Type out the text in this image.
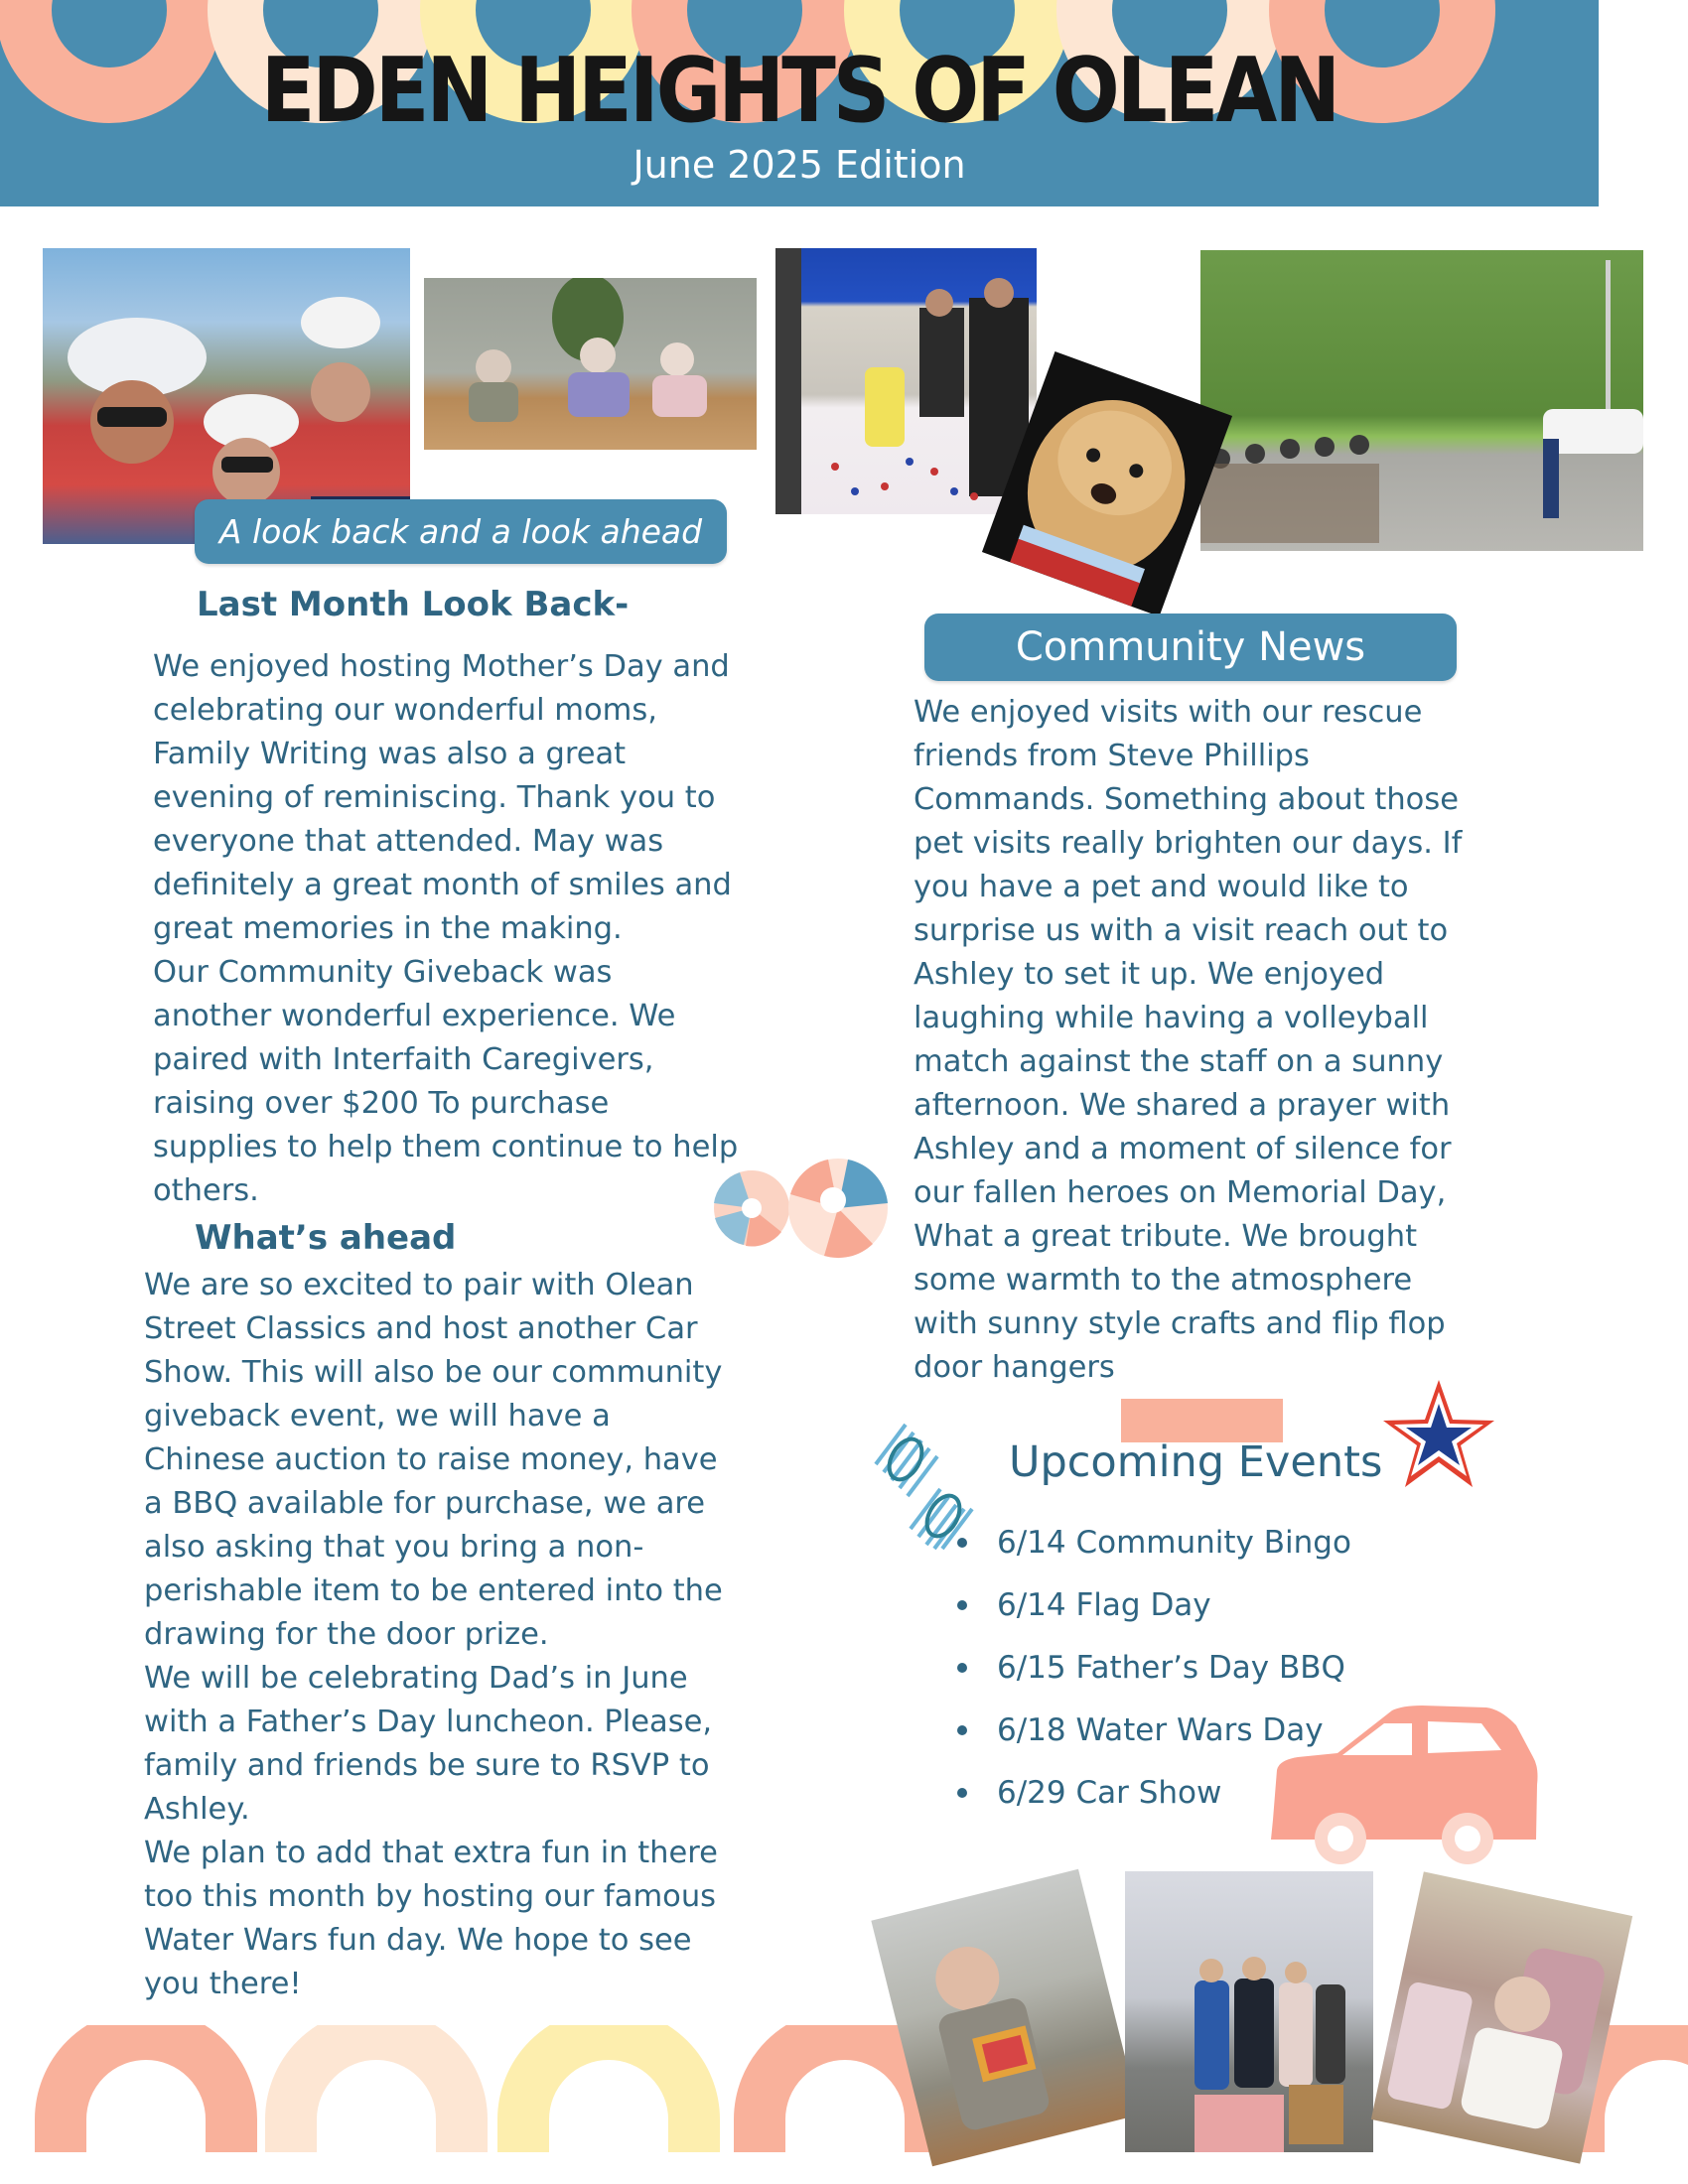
EDEN HEIGHTS OF OLEAN
June 2025 Edition
A look back and a look ahead
Last Month Look Back-
We enjoyed hosting Mother’s Day and
celebrating our wonderful moms,
Family Writing was also a great
evening of reminiscing. Thank you to
everyone that attended. May was
definitely a great month of smiles and
great memories in the making.
Our Community Giveback was
another wonderful experience. We
paired with Interfaith Caregivers,
raising over $200 To purchase
supplies to help them continue to help
others.
What’s ahead
We are so excited to pair with Olean
Street Classics and host another Car
Show. This will also be our community
giveback event, we will have a
Chinese auction to raise money, have
a BBQ available for purchase, we are
also asking that you bring a non-
perishable item to be entered into the
drawing for the door prize.
We will be celebrating Dad’s in June
with a Father’s Day luncheon. Please,
family and friends be sure to RSVP to
Ashley.
We plan to add that extra fun in there
too this month by hosting our famous
Water Wars fun day. We hope to see
you there!
Community News
We enjoyed visits with our rescue
friends from Steve Phillips
Commands. Something about those
pet visits really brighten our days. If
you have a pet and would like to
surprise us with a visit reach out to
Ashley to set it up. We enjoyed
laughing while having a volleyball
match against the staff on a sunny
afternoon. We shared a prayer with
Ashley and a moment of silence for
our fallen heroes on Memorial Day,
What a great tribute. We brought
some warmth to the atmosphere
with sunny style crafts and flip flop
door hangers
Upcoming Events
6/14 Community Bingo
6/14 Flag Day
6/15 Father’s Day BBQ
6/18 Water Wars Day
6/29 Car Show
